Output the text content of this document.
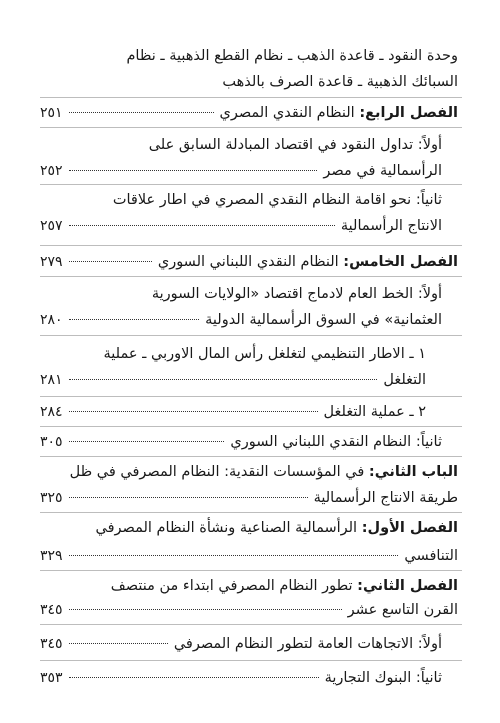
وحدة النقود ـ قاعدة الذهب ـ نظام القطع الذهبية ـ نظام
السبائك الذهبية ـ قاعدة الصرف بالذهب
الفصل الرابع: النظام النقدي المصري
٢٥١
أولاً: تداول النقود في اقتصاد المبادلة السابق على
الرأسمالية في مصر
٢٥٢
ثانياً: نحو اقامة النظام النقدي المصري في اطار علاقات
الانتاج الرأسمالية
٢٥٧
الفصل الخامس: النظام النقدي اللبناني السوري
٢٧٩
أولاً: الخط العام لادماج اقتصاد «الولايات السورية
العثمانية» في السوق الرأسمالية الدولية
٢٨٠
١ ـ الاطار التنظيمي لتغلغل رأس المال الاوربي ـ عملية
التغلغل
٢٨١
٢ ـ عملية التغلغل
٢٨٤
ثانياً: النظام النقدي اللبناني السوري
٣٠٥
الباب الثاني: في المؤسسات النقدية: النظام المصرفي في ظل
طريقة الانتاج الرأسمالية
٣٢٥
الفصل الأول: الرأسمالية الصناعية ونشأة النظام المصرفي
التنافسي
٣٢٩
الفصل الثاني: تطور النظام المصرفي ابتداء من منتصف
القرن التاسع عشر
٣٤٥
أولاً: الاتجاهات العامة لتطور النظام المصرفي
٣٤٥
ثانياً: البنوك التجارية
٣٥٣
